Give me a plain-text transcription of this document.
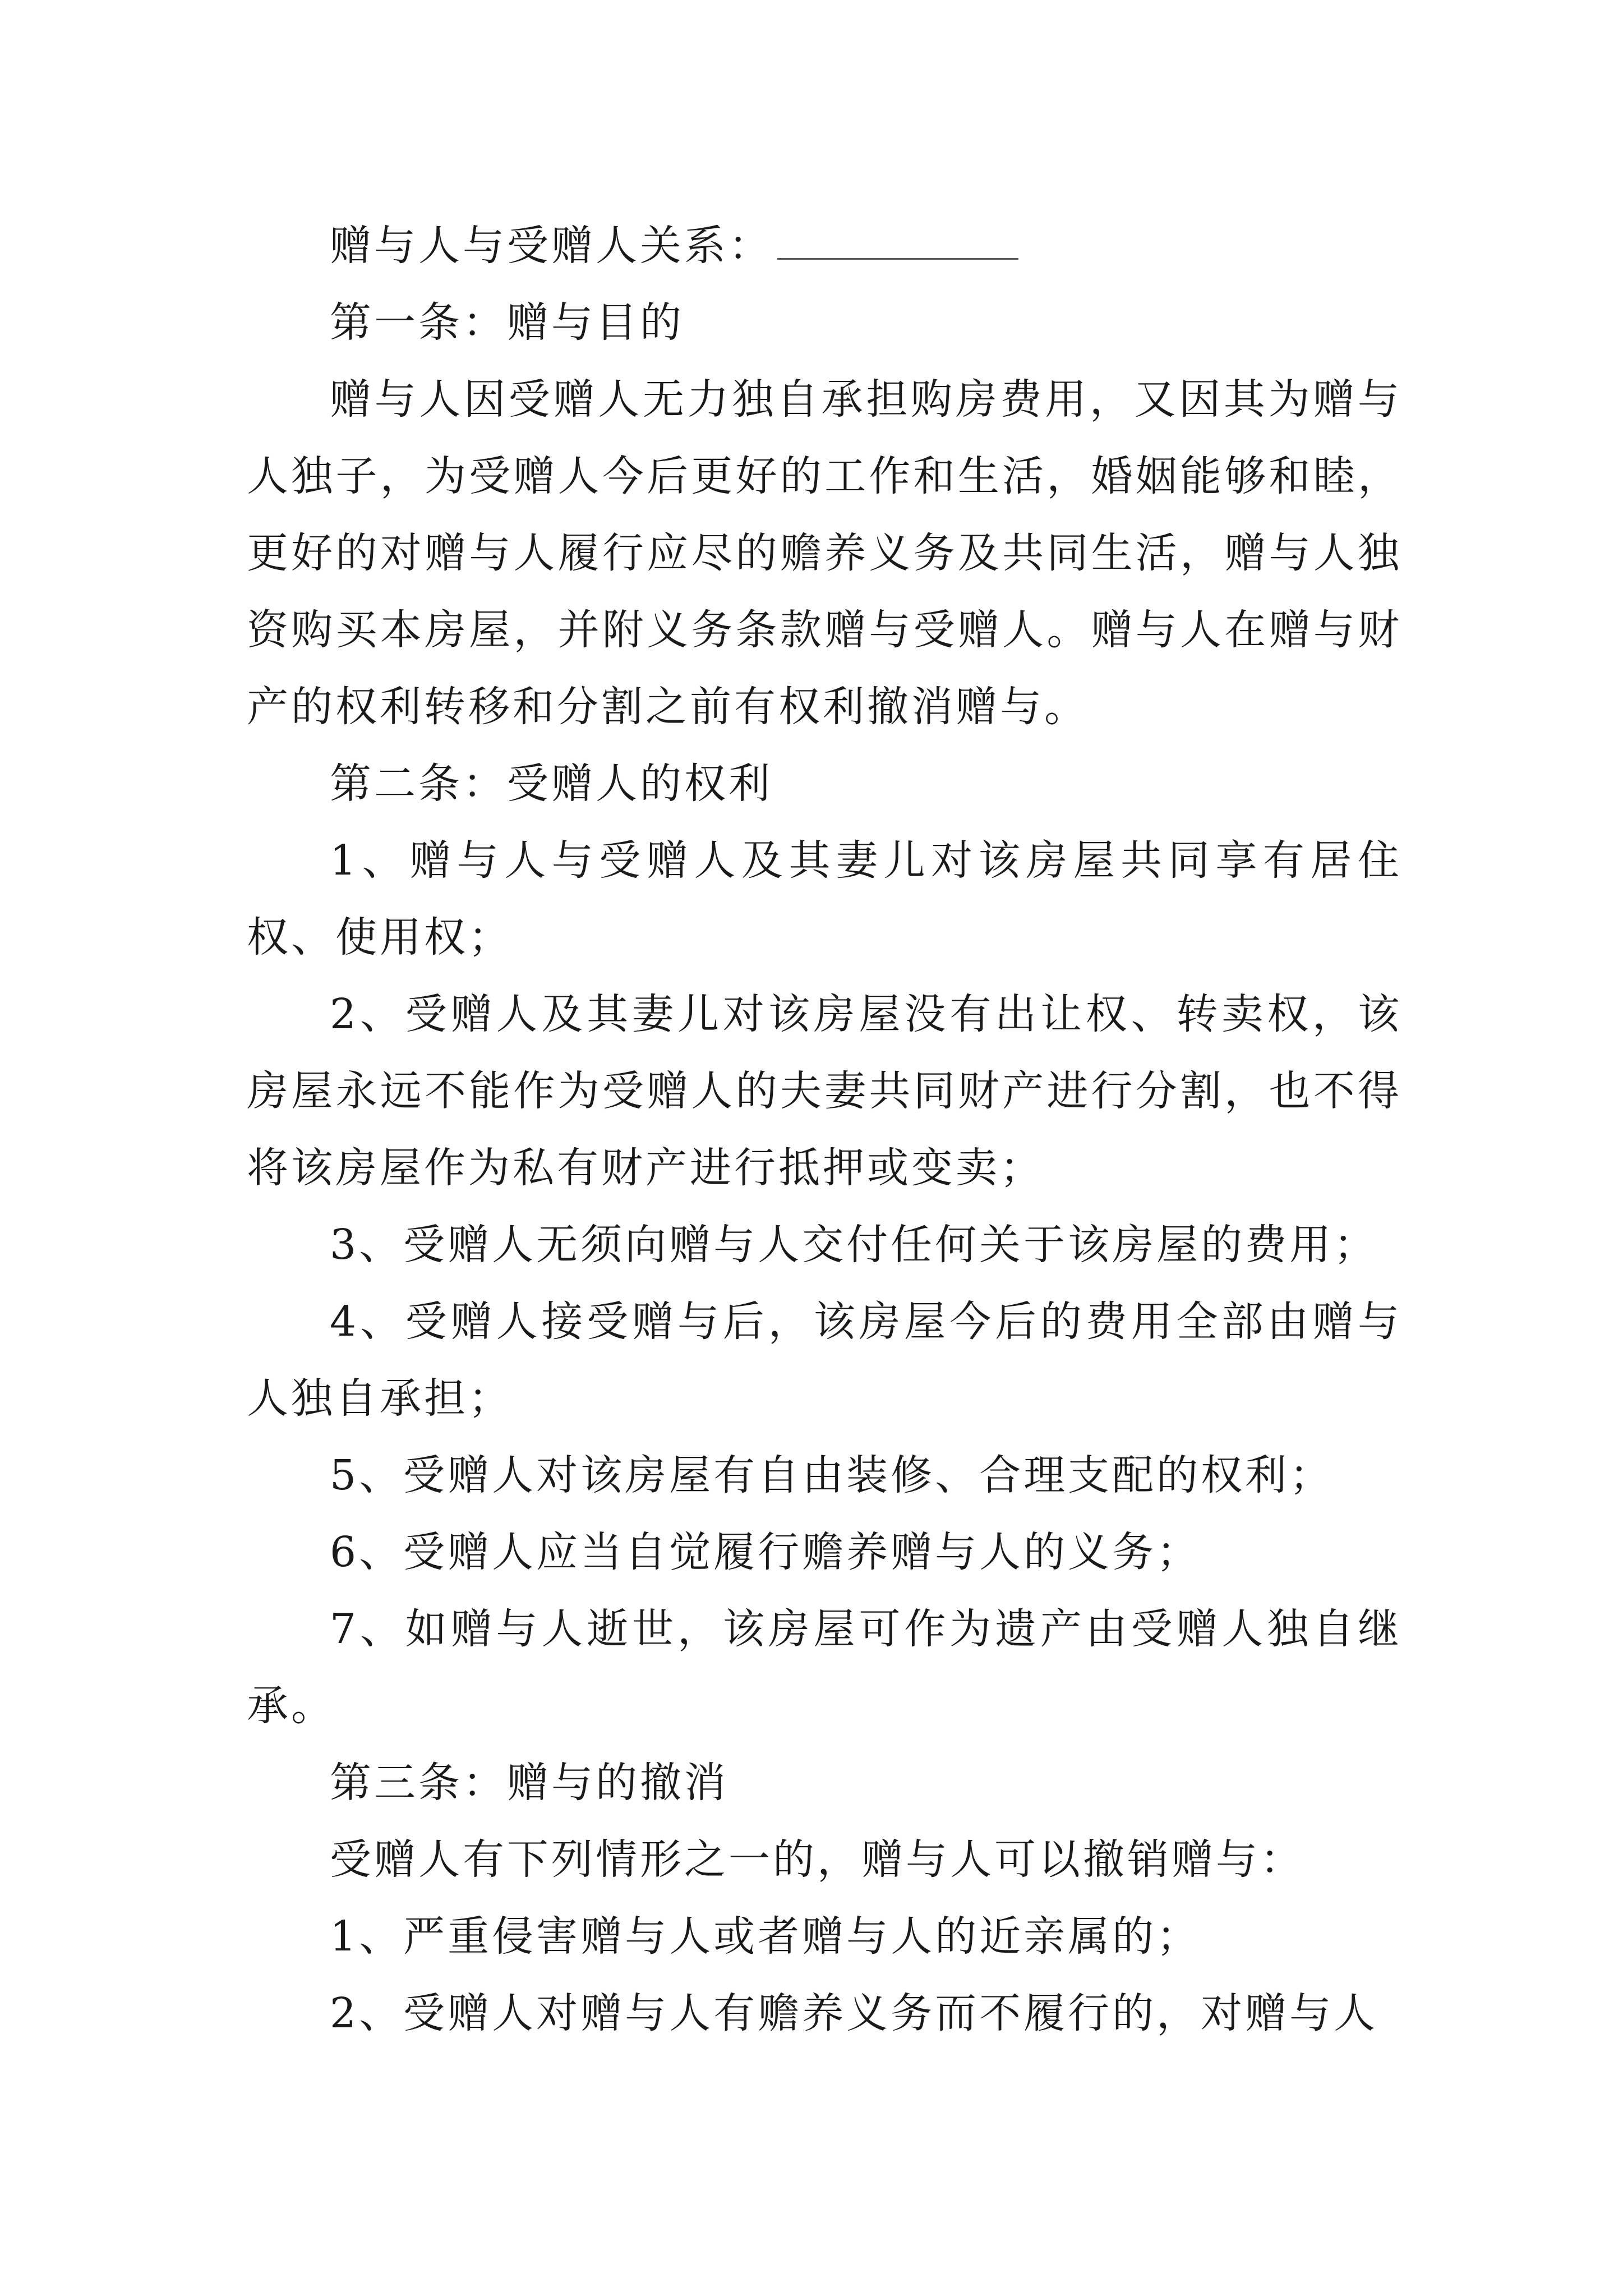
赠与人与受赠人关系：

第一条：赠与目的

赠与人因受赠人无力独自承担购房费用，又因其为赠与人独子，为受赠人今后更好的工作和生活，婚姻能够和睦，更好的对赠与人履行应尽的赡养义务及共同生活，赠与人独资购买本房屋，并附义务条款赠与受赠人。赠与人在赠与财产的权利转移和分割之前有权利撤消赠与。

第二条：受赠人的权利

1、赠与人与受赠人及其妻儿对该房屋共同享有居住权、使用权；

2、受赠人及其妻儿对该房屋没有出让权、转卖权，该房屋永远不能作为受赠人的夫妻共同财产进行分割，也不得将该房屋作为私有财产进行抵押或变卖；

3、受赠人无须向赠与人交付任何关于该房屋的费用；

4、受赠人接受赠与后，该房屋今后的费用全部由赠与人独自承担；

5、受赠人对该房屋有自由装修、合理支配的权利；

6、受赠人应当自觉履行赡养赠与人的义务；

7、如赠与人逝世，该房屋可作为遗产由受赠人独自继承。

第三条：赠与的撤消

受赠人有下列情形之一的，赠与人可以撤销赠与：

1、严重侵害赠与人或者赠与人的近亲属的；

2、受赠人对赠与人有赡养义务而不履行的，对赠与人
